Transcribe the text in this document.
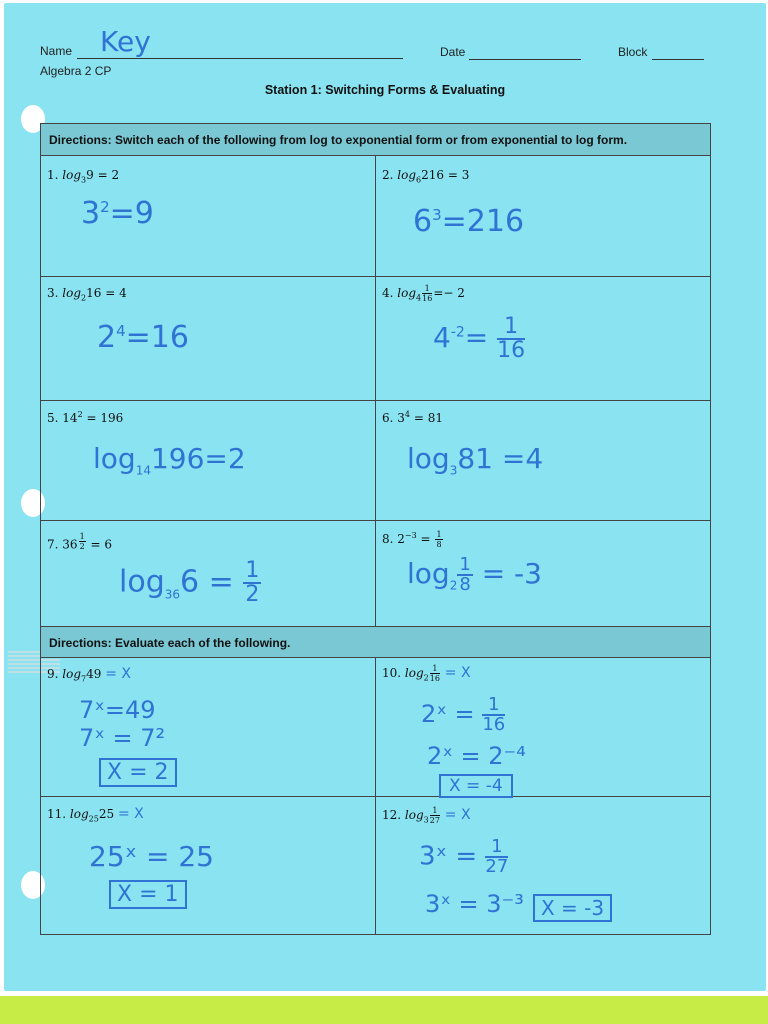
Name Key	Date	Block
Algebra 2 CP
Station 1: Switching Forms & Evaluating
Directions: Switch each of the following from log to exponential form or from exponential to log form.
Directions: Evaluate each of the following.
1. $\log_39 = 2$
$3^2=9$
2. $\log_6216 = 3$
$6^3=216$
3. $\log_216 = 4$
$2^4=16$
4. $\log_4 \frac{1}{16}=- 2$
$4^{-2}= \frac{1}{16}$
5. $14^2 = 196$
$\log_{14}196=2$
6. $3^4 = 81$
$\log_381 =4$
7. 36 $^{\frac{1}{2}}$ = 6
$\log_{36}6 = \frac{1}{2}$
8. $2^{-3} = \frac{1}{8}$
$\log_2 \frac{1}{8} = -3$
9. $\log_749 = X$
7ˣ=49
7ˣ = 7²
X = 2
10. $\log_2 \frac{1}{16} = X$
2ˣ = $\frac{1}{16}$
2ˣ = 2⁻⁴
X = -4
11. $\log_{25}25 = X$
25ˣ = 25
X = 1
12. $\log_3 \frac{1}{27} = X$
3ˣ = $\frac{1}{27}$
3ˣ = 3⁻³ X = -3
